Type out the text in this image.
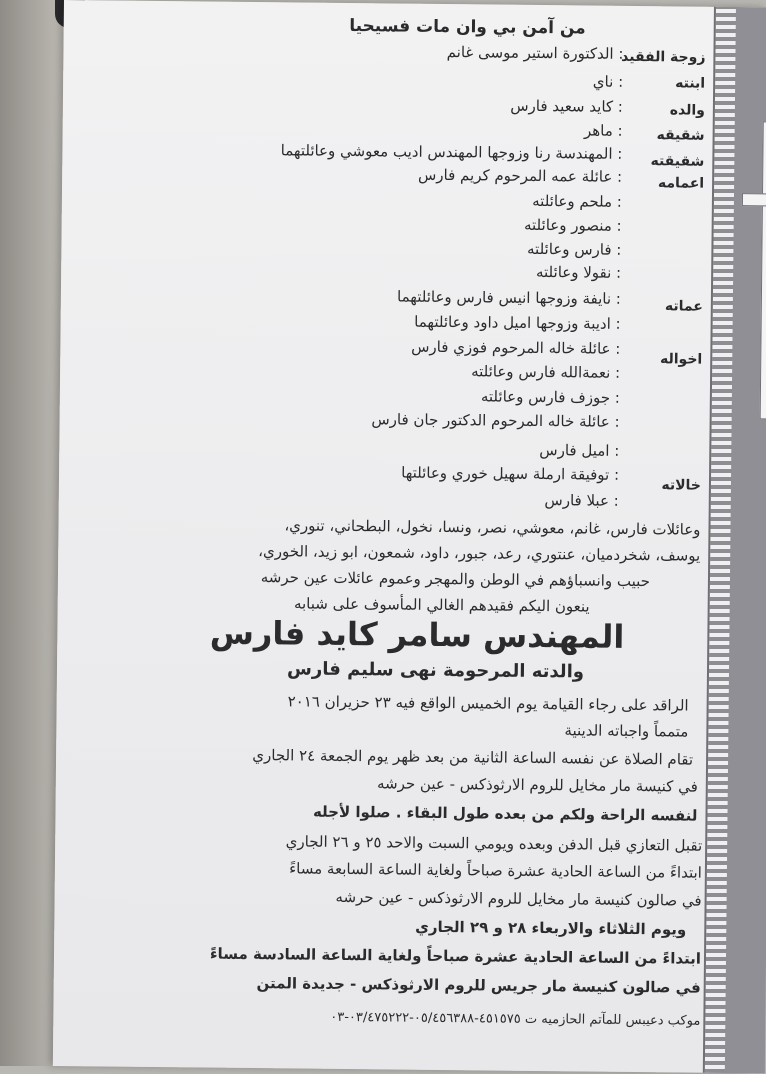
من آمن بي وان مات فسيحيا
زوجة الفقيد
: الدكتورة استير موسى غانم
ابنته
: ناي
والده
: كايد سعيد فارس
شقيقه
: ماهر
شقيقته
: المهندسة رنا وزوجها المهندس اديب معوشي وعائلتهما
اعمامه
: عائلة عمه المرحوم كريم فارس
: ملحم وعائلته
: منصور وعائلته
: فارس وعائلته
: نقولا وعائلته
عماته
: نايفة وزوجها انيس فارس وعائلتهما
: اديبة وزوجها اميل داود وعائلتهما
اخواله
: عائلة خاله المرحوم فوزي فارس
: نعمةالله فارس وعائلته
: جوزف فارس وعائلته
: عائلة خاله المرحوم الدكتور جان فارس
خالاته
: اميل فارس
: توفيقة ارملة سهيل خوري وعائلتها
: عبلا فارس
وعائلات فارس، غانم، معوشي، نصر، ونسا، نخول، البطحاني، تنوري،
يوسف، شخردميان، عنتوري، رعد، جبور، داود، شمعون، ابو زيد، الخوري،
حبيب وانسباؤهم في الوطن والمهجر وعموم عائلات عين حرشه
ينعون اليكم فقيدهم الغالي المأسوف على شبابه
المهندس سامر كايد فارس
والدته المرحومة نهى سليم فارس
الراقد على رجاء القيامة يوم الخميس الواقع فيه ٢٣ حزيران ٢٠١٦
متمماً واجباته الدينية
تقام الصلاة عن نفسه الساعة الثانية من بعد ظهر يوم الجمعة ٢٤ الجاري
في كنيسة مار مخايل للروم الارثوذكس - عين حرشه
لنفسه الراحة ولكم من بعده طول البقاء . صلوا لأجله
تقبل التعازي قبل الدفن وبعده ويومي السبت والاحد ٢٥ و ٢٦ الجاري
ابتداءً من الساعة الحادية عشرة صباحاً ولغاية الساعة السابعة مساءً
في صالون كنيسة مار مخايل للروم الارثوذكس - عين حرشه
ويوم الثلاثاء والاربعاء ٢٨ و ٢٩ الجاري
ابتداءً من الساعة الحادية عشرة صباحاً ولغاية الساعة السادسة مساءً
في صالون كنيسة مار جريس للروم الارثوذكس - جديدة المتن
موكب دعيبس للمآتم الحازميه ت ٤٥١٥٧٥-٠٥/٤٥٦٣٨٨-٠٣/٤٧٥٢٢٢-٠٣
